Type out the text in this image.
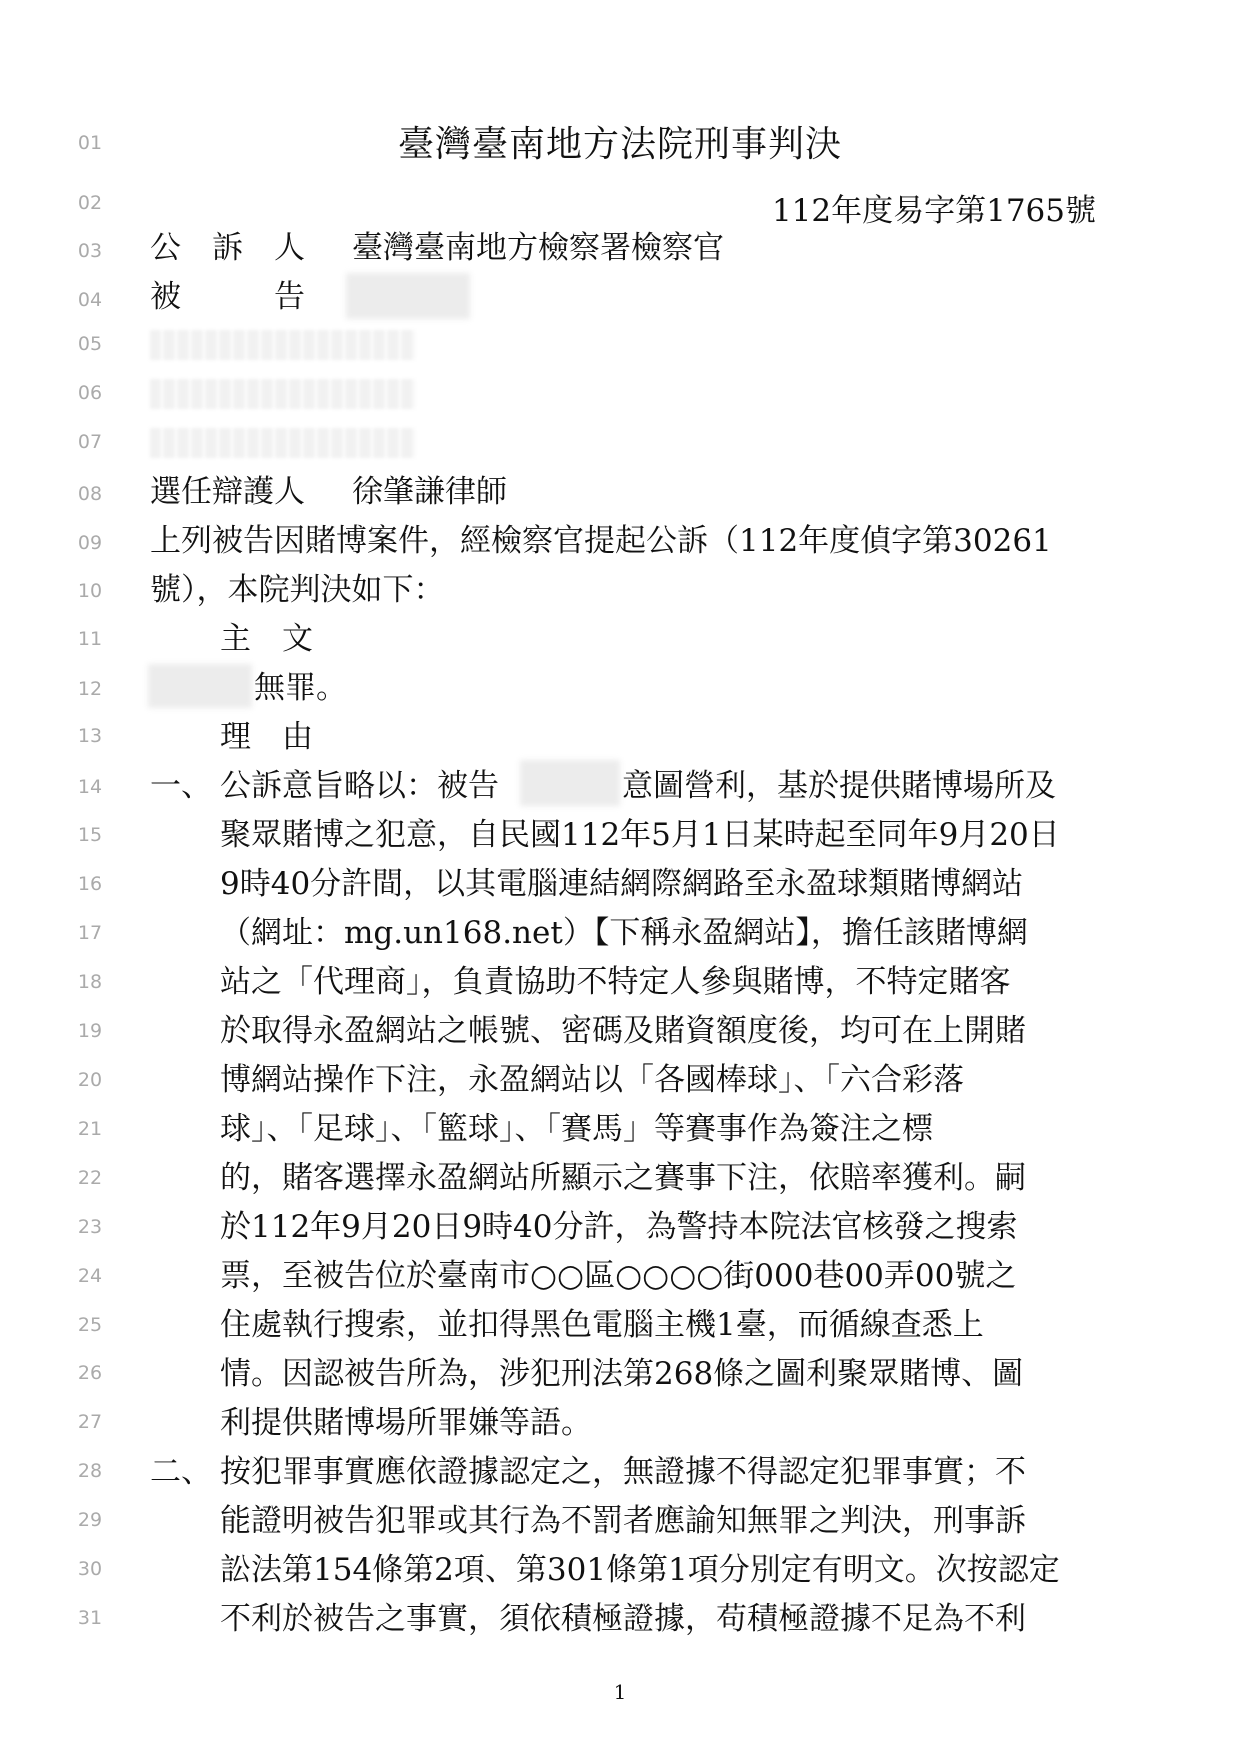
臺灣臺南地方法院刑事判決
112年度易字第1765號
01
02
03
04
05
06
07
08
09
10
11
12
13
14
15
16
17
18
19
20
21
22
23
24
25
26
27
28
29
30
31
公　訴　人 臺灣臺南地方檢察署檢察官
被　　　告
選任辯護人 徐肇謙律師
上列被告因賭博案件，經檢察官提起公訴（112年度偵字第30261
號），本院判決如下：
主　文
無罪。
理　由
一、 公訴意旨略以：被告	意圖營利，基於提供賭博場所及
聚眾賭博之犯意，自民國112年5月1日某時起至同年9月20日
9時40分許間，以其電腦連結網際網路至永盈球類賭博網站
（網址：mg.un168.net）【下稱永盈網站】，擔任該賭博網
站之「代理商」，負責協助不特定人參與賭博，不特定賭客
於取得永盈網站之帳號、密碼及賭資額度後，均可在上開賭
博網站操作下注，永盈網站以「各國棒球」、「六合彩落
球」、「足球」、「籃球」、「賽馬」等賽事作為簽注之標
的，賭客選擇永盈網站所顯示之賽事下注，依賠率獲利。嗣
於112年9月20日9時40分許，為警持本院法官核發之搜索
票，至被告位於臺南市○○區○○○○街000巷00弄00號之
住處執行搜索，並扣得黑色電腦主機1臺，而循線查悉上
情。因認被告所為，涉犯刑法第268條之圖利聚眾賭博、圖
利提供賭博場所罪嫌等語。
二、 按犯罪事實應依證據認定之，無證據不得認定犯罪事實；不
能證明被告犯罪或其行為不罰者應諭知無罪之判決，刑事訴
訟法第154條第2項、第301條第1項分別定有明文。次按認定
不利於被告之事實，須依積極證據，苟積極證據不足為不利
1
